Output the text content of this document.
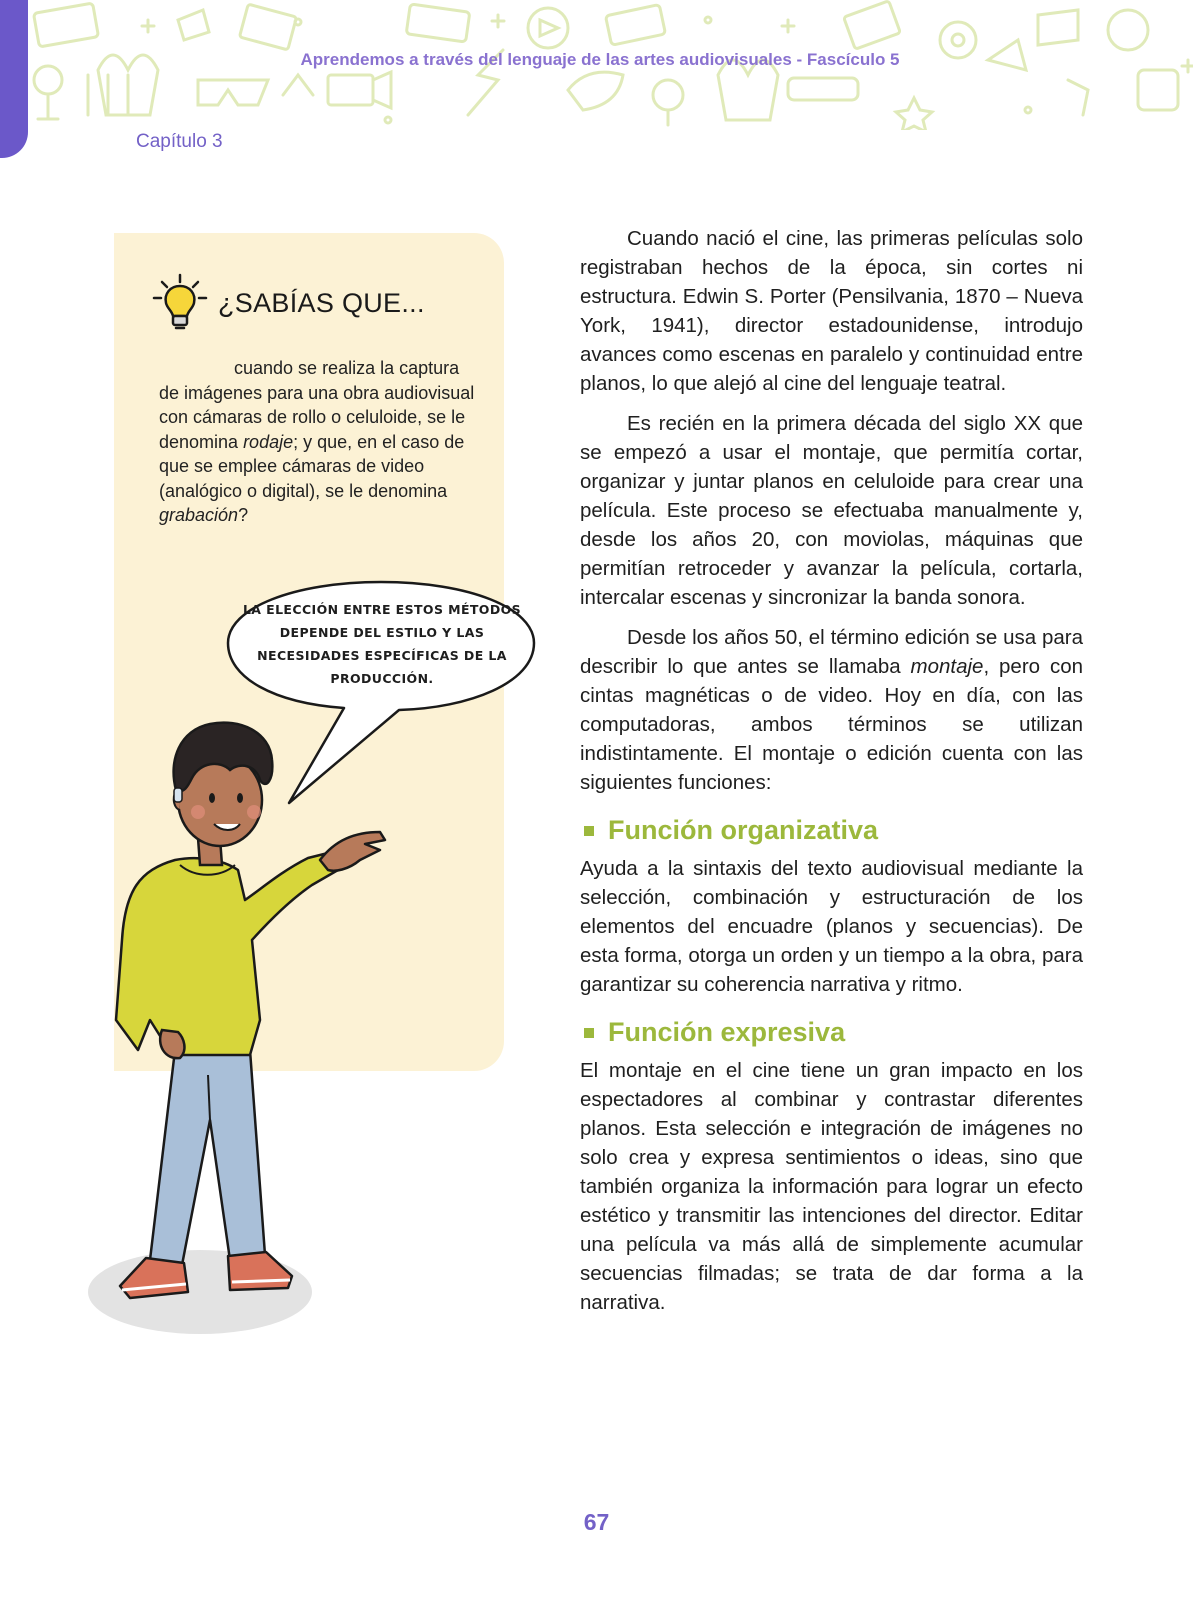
Aprendemos a través del lenguaje de las artes audiovisuales - Fascículo 5
Capítulo 3
¿SABÍAS QUE...
cuando se realiza la captura de imágenes para una obra audiovisual con cámaras de rollo o celuloide, se le denomina rodaje; y que, en el caso de que se emplee cámaras de video (analógico o digital), se le denomina grabación?
LA ELECCIÓN ENTRE ESTOS MÉTODOS DEPENDE DEL ESTILO Y LAS NECESIDADES ESPECÍFICAS DE LA PRODUCCIÓN.

Cuando nació el cine, las primeras películas solo registraban hechos de la época, sin cortes ni estructura. Edwin S. Porter (Pensilvania, 1870 – Nueva York, 1941), director estadounidense, introdujo avances como escenas en paralelo y continuidad entre planos, lo que alejó al cine del lenguaje teatral.

Es recién en la primera década del siglo XX que se empezó a usar el montaje, que permitía cortar, organizar y juntar planos en celuloide para crear una película. Este proceso se efectuaba manualmente y, desde los años 20, con moviolas, máquinas que permitían retroceder y avanzar la película, cortarla, intercalar escenas y sincronizar la banda sonora.

Desde los años 50, el término edición se usa para describir lo que antes se llamaba montaje, pero con cintas magnéticas o de video. Hoy en día, con las computadoras, ambos términos se utilizan indistintamente. El montaje o edición cuenta con las siguientes funciones:

Función organizativa

Ayuda a la sintaxis del texto audiovisual mediante la selección, combinación y estructuración de los elementos del encuadre (planos y secuencias). De esta forma, otorga un orden y un tiempo a la obra, para garantizar su coherencia narrativa y ritmo.

Función expresiva

El montaje en el cine tiene un gran impacto en los espectadores al combinar y contrastar diferentes planos. Esta selección e integración de imágenes no solo crea y expresa sentimientos o ideas, sino que también organiza la información para lograr un efecto estético y transmitir las intenciones del director. Editar una película va más allá de simplemente acumular secuencias filmadas; se trata de dar forma a la narrativa.

67
